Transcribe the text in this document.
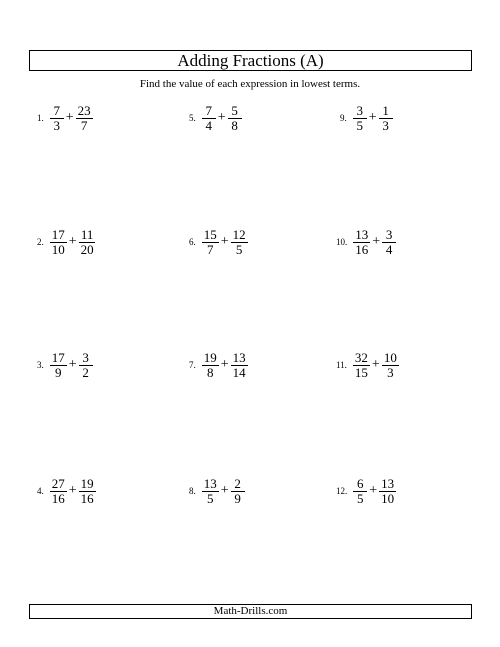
Adding Fractions (A)
Find the value of each expression in lowest terms.
1. $\frac{7}{3} + \frac{23}{7}$
2. $\frac{17}{10} + \frac{11}{20}$
3. $\frac{17}{9} + \frac{3}{2}$
4. $\frac{27}{16} + \frac{19}{16}$
5. $\frac{7}{4} + \frac{5}{8}$
6. $\frac{15}{7} + \frac{12}{5}$
7. $\frac{19}{8} + \frac{13}{14}$
8. $\frac{13}{5} + \frac{2}{9}$
9. $\frac{3}{5} + \frac{1}{3}$
10. $\frac{13}{16} + \frac{3}{4}$
11. $\frac{32}{15} + \frac{10}{3}$
12. $\frac{6}{5} + \frac{13}{10}$
Math-Drills.com
